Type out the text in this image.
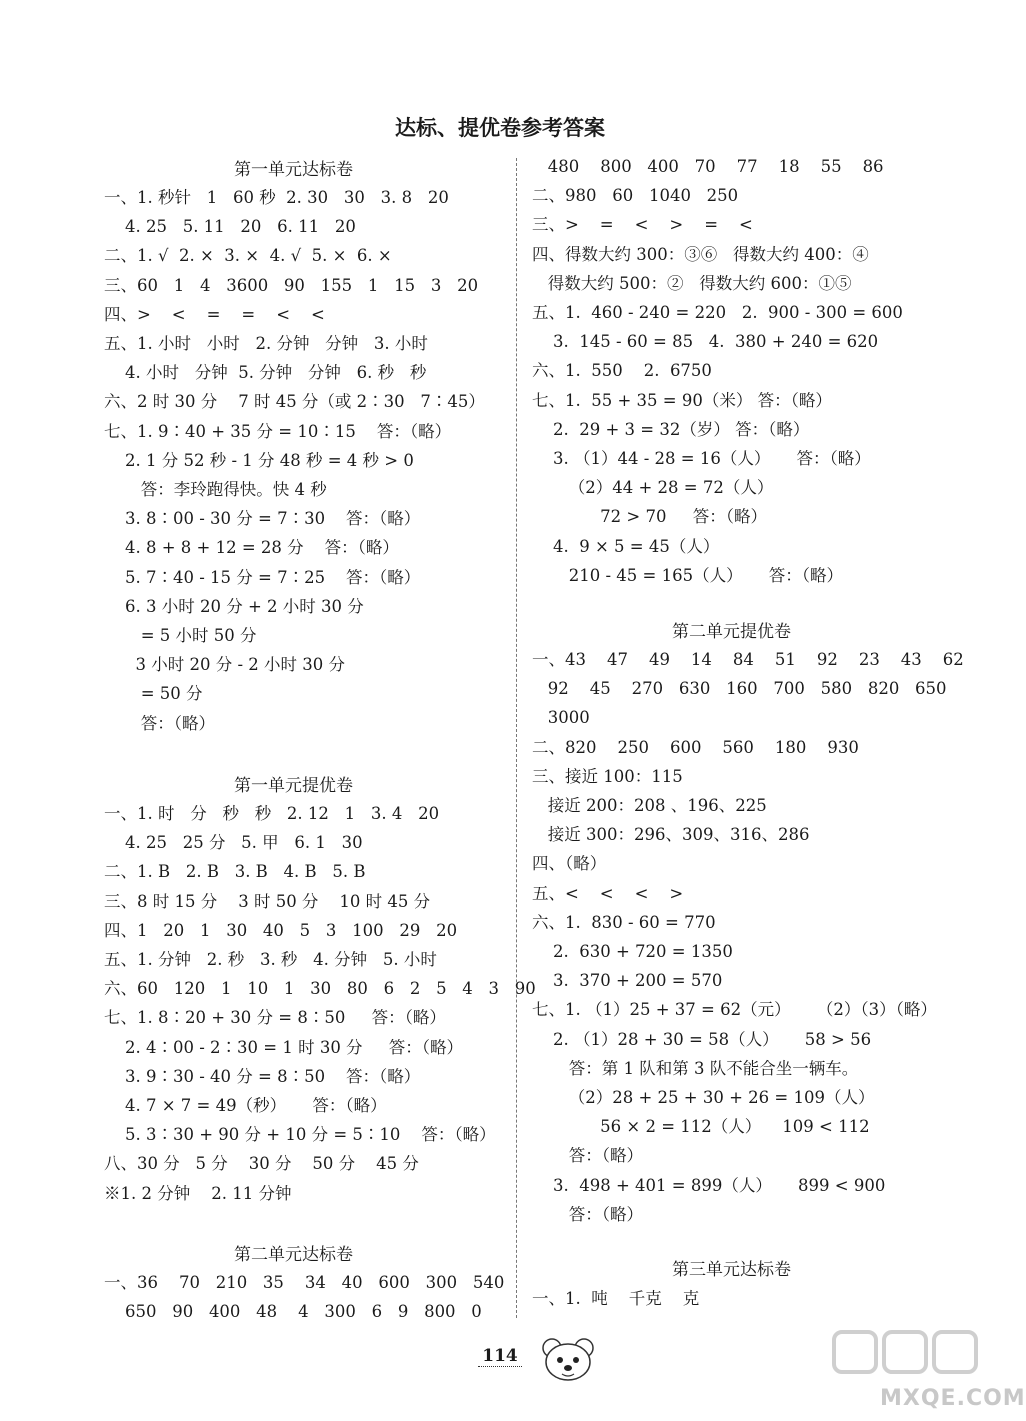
达标、提优卷参考答案
第一单元达标卷
一、1. 秒针   1   60 秒  2. 30   30   3. 8   20
4. 25   5. 11   20   6. 11   20
二、1. √  2. ×  3. ×  4. √  5. ×  6. ×
三、60   1   4   3600   90   155   1   15   3   20
四、>    <    =    =    <    <
五、1. 小时   小时   2. 分钟   分钟   3. 小时
4. 小时   分钟  5. 分钟   分钟   6. 秒   秒
六、2 时 30 分    7 时 45 分（或 2∶30   7∶45）
七、1. 9∶40 + 35 分 = 10∶15    答：（略）
2. 1 分 52 秒 - 1 分 48 秒 = 4 秒 > 0
答：李玲跑得快。快 4 秒
3. 8∶00 - 30 分 = 7∶30    答：（略）
4. 8 + 8 + 12 = 28 分    答：（略）
5. 7∶40 - 15 分 = 7∶25    答：（略）
6. 3 小时 20 分 + 2 小时 30 分
= 5 小时 50 分
3 小时 20 分 - 2 小时 30 分
= 50 分
答：（略）
第一单元提优卷
一、1. 时   分   秒   秒   2. 12   1   3. 4   20
4. 25   25 分   5. 甲   6. 1   30
二、1. B   2. B   3. B   4. B   5. B
三、8 时 15 分    3 时 50 分    10 时 45 分
四、1   20   1   30   40   5   3   100   29   20
五、1. 分钟   2. 秒   3. 秒   4. 分钟   5. 小时
六、60   120   1   10   1   30   80   6   2   5   4   3   90
七、1. 8∶20 + 30 分 = 8∶50     答：（略）
2. 4∶00 - 2∶30 = 1 时 30 分     答：（略）
3. 9∶30 - 40 分 = 8∶50    答：（略）
4. 7 × 7 = 49（秒）     答：（略）
5. 3∶30 + 90 分 + 10 分 = 5∶10    答：（略）
八、30 分   5 分    30 分    50 分    45 分
※1. 2 分钟    2. 11 分钟
第二单元达标卷
一、36    70   210   35    34   40   600   300   540
650   90   400   48    4   300   6   9   800   0
480    800   400   70    77    18    55    86
二、980   60   1040   250
三、>    =    <    >    =    <
四、得数大约 300：③⑥   得数大约 400：④
得数大约 500：②   得数大约 600：①⑤
五、1.  460 - 240 = 220   2.  900 - 300 = 600
3.  145 - 60 = 85   4.  380 + 240 = 620
六、1.  550    2.  6750
七、1.  55 + 35 = 90（米） 答：（略）
2.  29 + 3 = 32（岁） 答：（略）
3. （1）44 - 28 = 16（人）     答：（略）
（2）44 + 28 = 72（人）
72 > 70     答：（略）
4.  9 × 5 = 45（人）
210 - 45 = 165（人）     答：（略）
第二单元提优卷
一、43    47    49    14    84    51    92    23    43    62
92    45    270   630   160   700   580   820   650
3000
二、820    250    600    560    180    930
三、接近 100：115
接近 200：208 、196、225
接近 300：296、309、316、286
四、（略）
五、<    <    <    >
六、1.  830 - 60 = 770
2.  630 + 720 = 1350
3.  370 + 200 = 570
七、1. （1）25 + 37 = 62（元）     （2）（3）（略）
2. （1）28 + 30 = 58（人）     58 > 56
答：第 1 队和第 3 队不能合坐一辆车。
（2）28 + 25 + 30 + 26 = 109（人）
56 × 2 = 112（人）    109 < 112
答：（略）
3.  498 + 401 = 899（人）     899 < 900
答：（略）
第三单元达标卷
一、1.  吨    千克    克
114
MXQE.COM
